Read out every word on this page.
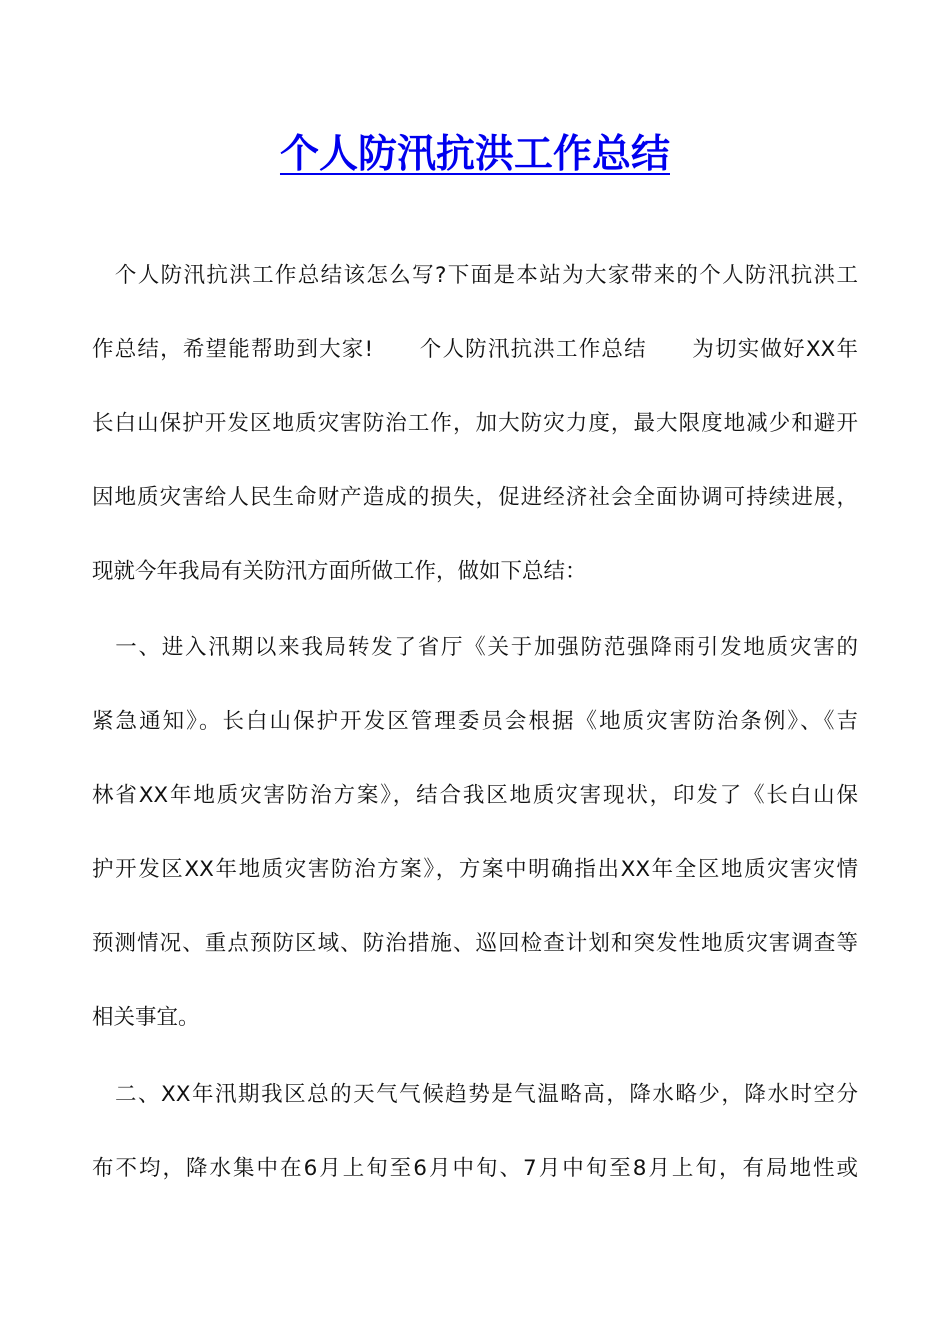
个人防汛抗洪工作总结
　个人防汛抗洪工作总结该怎么写?下面是本站为大家带来的个人防汛抗洪工
作总结，希望能帮助到大家!　　个人防汛抗洪工作总结　　为切实做好XX年
长白山保护开发区地质灾害防治工作，加大防灾力度，最大限度地减少和避开
因地质灾害给人民生命财产造成的损失，促进经济社会全面协调可持续进展，
现就今年我局有关防汛方面所做工作，做如下总结：
　一、进入汛期以来我局转发了省厅《关于加强防范强降雨引发地质灾害的
紧急通知》。长白山保护开发区管理委员会根据《地质灾害防治条例》、《吉
林省XX年地质灾害防治方案》，结合我区地质灾害现状，印发了《长白山保
护开发区XX年地质灾害防治方案》，方案中明确指出XX年全区地质灾害灾情
预测情况、重点预防区域、防治措施、巡回检查计划和突发性地质灾害调查等
相关事宜。
　二、XX年汛期我区总的天气气候趋势是气温略高，降水略少，降水时空分
布不均，降水集中在6月上旬至6月中旬、7月中旬至8月上旬，有局地性或
